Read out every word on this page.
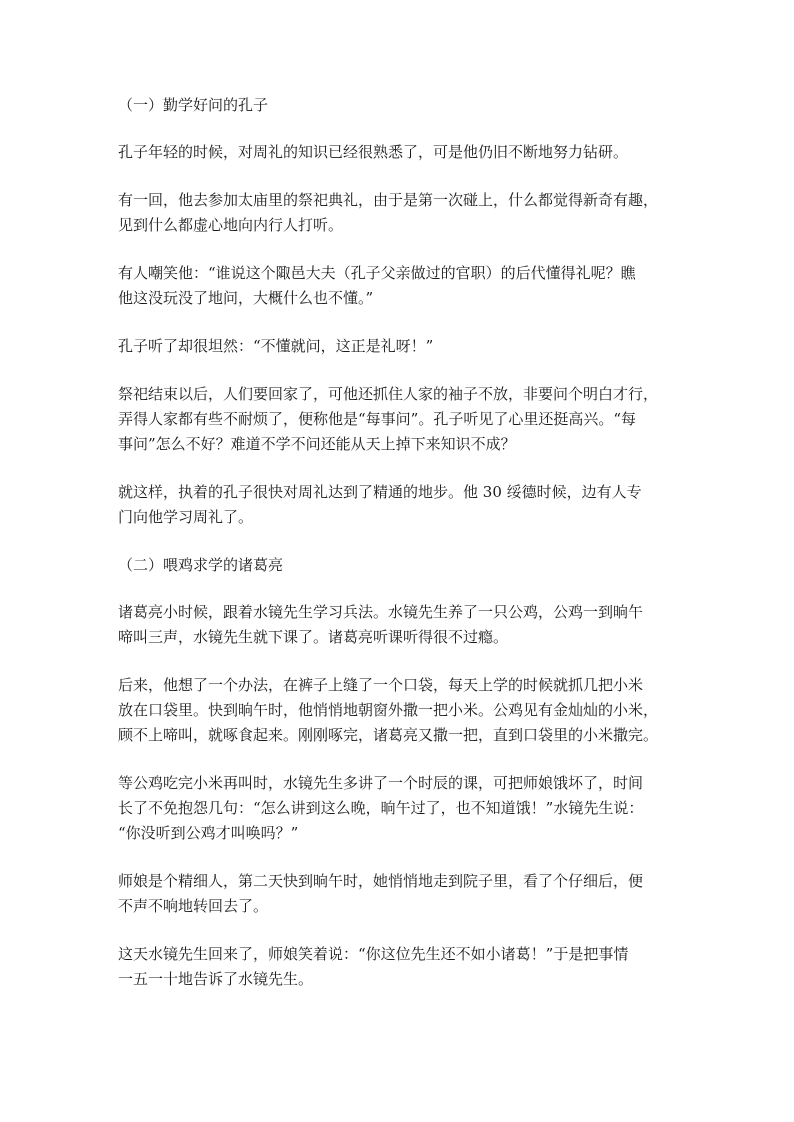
（一）勤学好问的孔子
孔子年轻的时候，对周礼的知识已经很熟悉了，可是他仍旧不断地努力钻研。
有一回，他去参加太庙里的祭祀典礼，由于是第一次碰上，什么都觉得新奇有趣，
见到什么都虚心地向内行人打听。
有人嘲笑他：“谁说这个陬邑大夫（孔子父亲做过的官职）的后代懂得礼呢？瞧
他这没玩没了地问，大概什么也不懂。”
孔子听了却很坦然：“不懂就问，这正是礼呀！”
祭祀结束以后，人们要回家了，可他还抓住人家的袖子不放，非要问个明白才行，
弄得人家都有些不耐烦了，便称他是“每事问”。孔子听见了心里还挺高兴。“每
事问”怎么不好？难道不学不问还能从天上掉下来知识不成？
就这样，执着的孔子很快对周礼达到了精通的地步。他 30 绥德时候，边有人专
门向他学习周礼了。
（二）喂鸡求学的诸葛亮
诸葛亮小时候，跟着水镜先生学习兵法。水镜先生养了一只公鸡，公鸡一到晌午
啼叫三声，水镜先生就下课了。诸葛亮听课听得很不过瘾。
后来，他想了一个办法，在裤子上缝了一个口袋，每天上学的时候就抓几把小米
放在口袋里。快到晌午时，他悄悄地朝窗外撒一把小米。公鸡见有金灿灿的小米，
顾不上啼叫，就啄食起来。刚刚啄完，诸葛亮又撒一把，直到口袋里的小米撒完。
等公鸡吃完小米再叫时，水镜先生多讲了一个时辰的课，可把师娘饿坏了，时间
长了不免抱怨几句：“怎么讲到这么晚，晌午过了，也不知道饿！”水镜先生说：
“你没听到公鸡才叫唤吗？”
师娘是个精细人，第二天快到晌午时，她悄悄地走到院子里，看了个仔细后，便
不声不响地转回去了。
这天水镜先生回来了，师娘笑着说：“你这位先生还不如小诸葛！”于是把事情
一五一十地告诉了水镜先生。
